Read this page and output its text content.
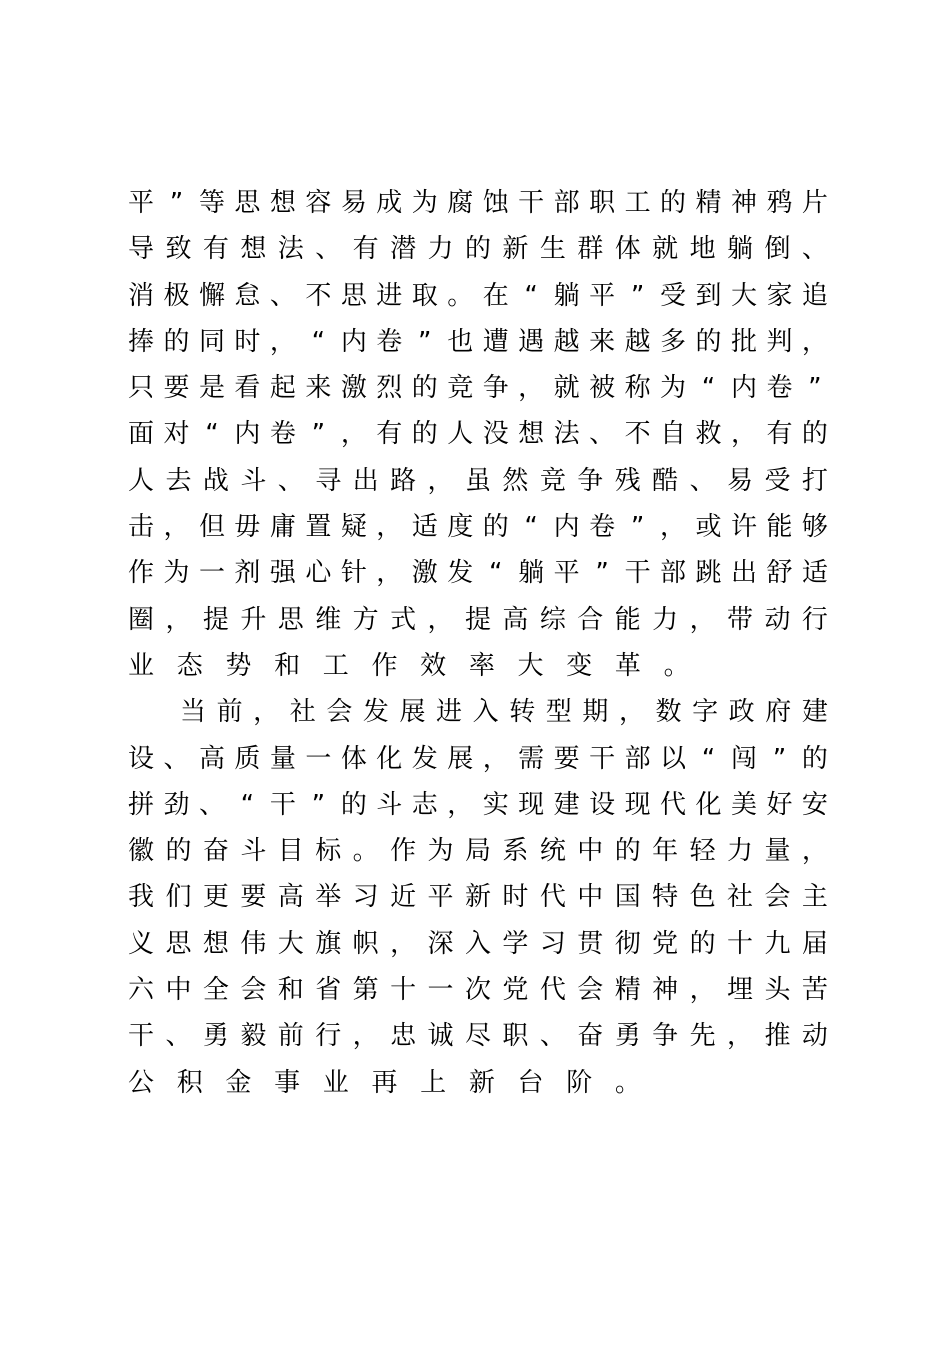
平 ” 等 思 想 容 易 成 为 腐 蚀 干 部 职 工 的 精 神 鸦 片
导 致 有 想 法 、 有 潜 力 的 新 生 群 体 就 地 躺 倒 、
消 极 懈 怠 、 不 思 进 取 。 在 “ 躺 平 ” 受 到 大 家 追
捧 的 同 时 ， “ 内 卷 ” 也 遭 遇 越 来 越 多 的 批 判 ，
只 要 是 看 起 来 激 烈 的 竞 争 ， 就 被 称 为 “ 内 卷 ”
面 对 “ 内 卷 ” ， 有 的 人 没 想 法 、 不 自 救 ， 有 的
人 去 战 斗 、 寻 出 路 ， 虽 然 竞 争 残 酷 、 易 受 打
击 ， 但 毋 庸 置 疑 ， 适 度 的 “ 内 卷 ” ， 或 许 能 够
作 为 一 剂 强 心 针 ， 激 发 “ 躺 平 ” 干 部 跳 出 舒 适
圈 ， 提 升 思 维 方 式 ， 提 高 综 合 能 力 ， 带 动 行
业 态 势 和 工 作 效 率 大 变 革 。
当 前 ， 社 会 发 展 进 入 转 型 期 ， 数 字 政 府 建
设 、 高 质 量 一 体 化 发 展 ， 需 要 干 部 以 “ 闯 ” 的
拼 劲 、 “ 干 ” 的 斗 志 ， 实 现 建 设 现 代 化 美 好 安
徽 的 奋 斗 目 标 。 作 为 局 系 统 中 的 年 轻 力 量 ，
我 们 更 要 高 举 习 近 平 新 时 代 中 国 特 色 社 会 主
义 思 想 伟 大 旗 帜 ， 深 入 学 习 贯 彻 党 的 十 九 届
六 中 全 会 和 省 第 十 一 次 党 代 会 精 神 ， 埋 头 苦
干 、 勇 毅 前 行 ， 忠 诚 尽 职 、 奋 勇 争 先 ， 推 动
公 积 金 事 业 再 上 新 台 阶 。
